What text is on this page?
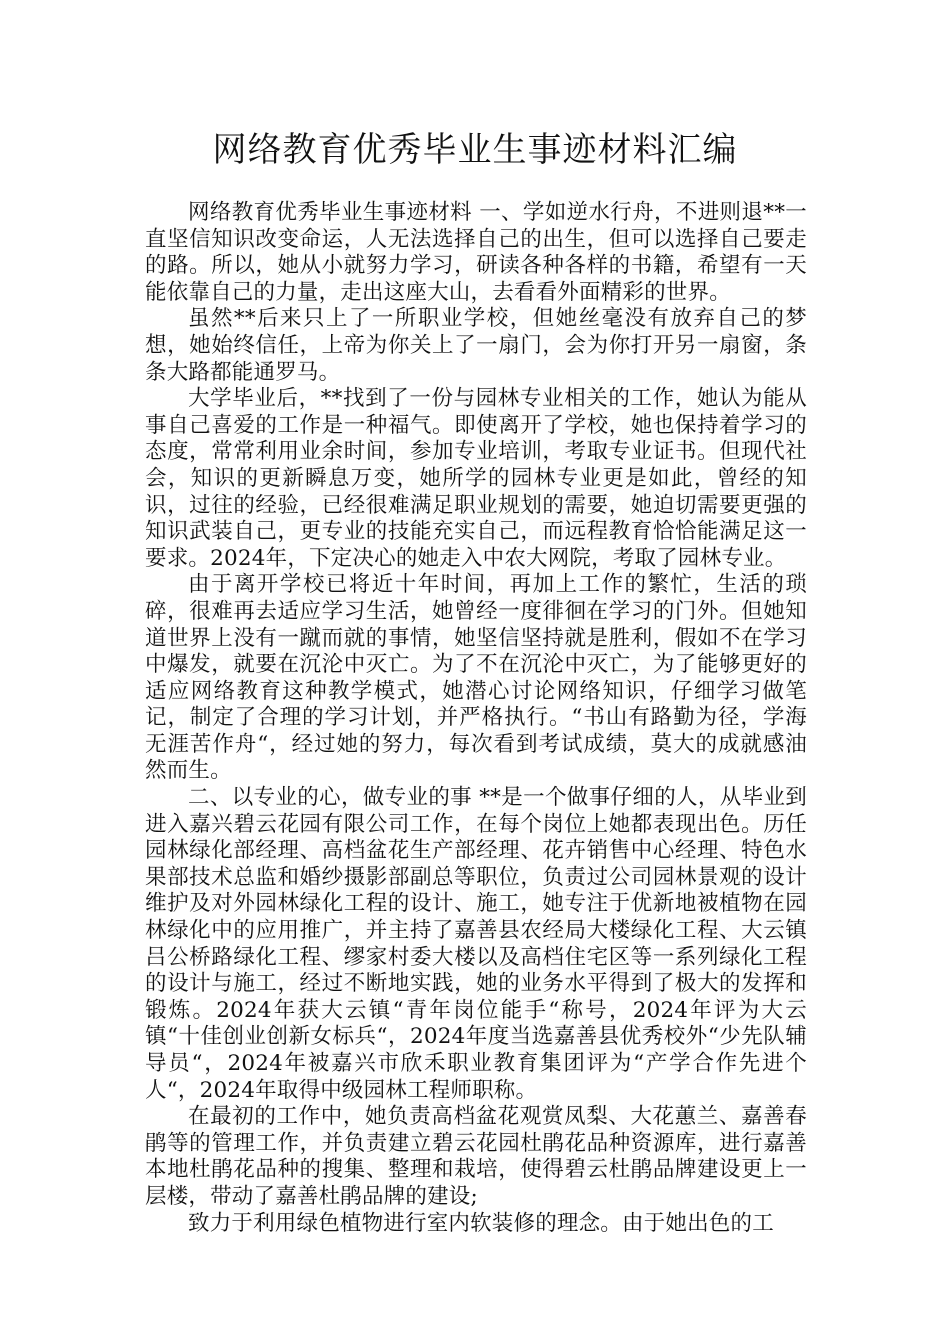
网络教育优秀毕业生事迹材料汇编

网络教育优秀毕业生事迹材料 一、学如逆水行舟，不进则退**一直坚信知识改变命运，人无法选择自己的出生，但可以选择自己要走的路。所以，她从小就努力学习，研读各种各样的书籍，希望有一天能依靠自己的力量，走出这座大山，去看看外面精彩的世界。

虽然**后来只上了一所职业学校，但她丝毫没有放弃自己的梦想，她始终信任，上帝为你关上了一扇门，会为你打开另一扇窗，条条大路都能通罗马。

大学毕业后，**找到了一份与园林专业相关的工作，她认为能从事自己喜爱的工作是一种福气。即使离开了学校，她也保持着学习的态度，常常利用业余时间，参加专业培训，考取专业证书。但现代社会，知识的更新瞬息万变，她所学的园林专业更是如此，曾经的知识，过往的经验，已经很难满足职业规划的需要，她迫切需要更强的知识武装自己，更专业的技能充实自己，而远程教育恰恰能满足这一要求。2024年，下定决心的她走入中农大网院，考取了园林专业。

由于离开学校已将近十年时间，再加上工作的繁忙，生活的琐碎，很难再去适应学习生活，她曾经一度徘徊在学习的门外。但她知道世界上没有一蹴而就的事情，她坚信坚持就是胜利，假如不在学习中爆发，就要在沉沦中灭亡。为了不在沉沦中灭亡，为了能够更好的适应网络教育这种教学模式，她潜心讨论网络知识，仔细学习做笔记，制定了合理的学习计划，并严格执行。“书山有路勤为径，学海无涯苦作舟“，经过她的努力，每次看到考试成绩，莫大的成就感油然而生。

二、以专业的心，做专业的事 **是一个做事仔细的人，从毕业到进入嘉兴碧云花园有限公司工作，在每个岗位上她都表现出色。历任园林绿化部经理、高档盆花生产部经理、花卉销售中心经理、特色水果部技术总监和婚纱摄影部副总等职位，负责过公司园林景观的设计维护及对外园林绿化工程的设计、施工，她专注于优新地被植物在园林绿化中的应用推广，并主持了嘉善县农经局大楼绿化工程、大云镇吕公桥路绿化工程、缪家村委大楼以及高档住宅区等一系列绿化工程的设计与施工，经过不断地实践，她的业务水平得到了极大的发挥和锻炼。2024年获大云镇“青年岗位能手“称号，2024年评为大云镇“十佳创业创新女标兵“，2024年度当选嘉善县优秀校外“少先队辅导员“，2024年被嘉兴市欣禾职业教育集团评为“产学合作先进个人“，2024年取得中级园林工程师职称。

在最初的工作中，她负责高档盆花观赏凤梨、大花蕙兰、嘉善春鹃等的管理工作，并负责建立碧云花园杜鹃花品种资源库，进行嘉善本地杜鹃花品种的搜集、整理和栽培，使得碧云杜鹃品牌建设更上一层楼，带动了嘉善杜鹃品牌的建设;

致力于利用绿色植物进行室内软装修的理念。由于她出色的工
